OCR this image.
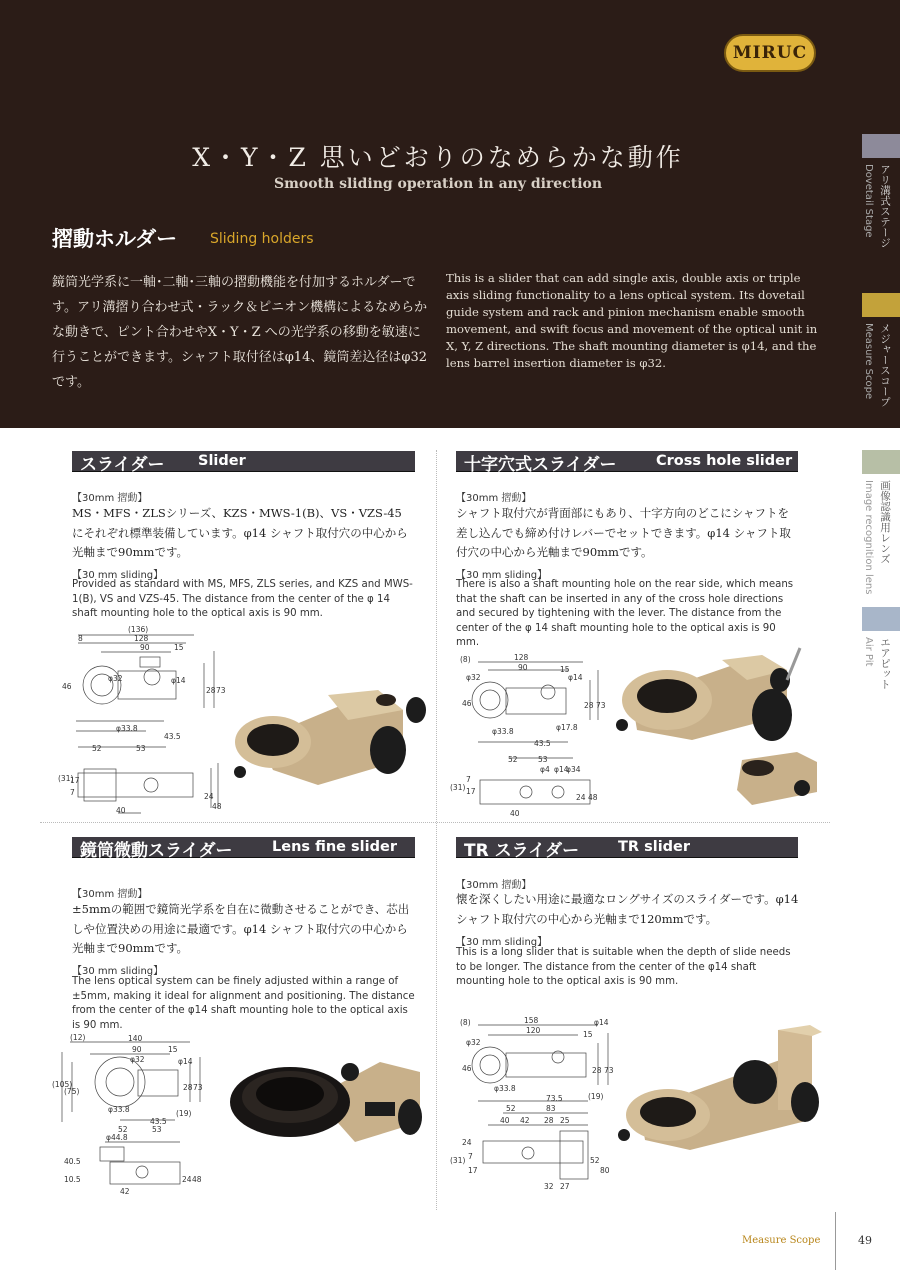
MIRUC
X・Y・Z 思いどおりのなめらかな動作
Smooth sliding operation in any direction
摺動ホルダー Sliding holders
鏡筒光学系に一軸･二軸･三軸の摺動機能を付加するホルダーです。アリ溝摺り合わせ式・ラック＆ピニオン機構によるなめらかな動きで、ピント合わせやX・Y・Z への光学系の移動を敏速に行うことができます。シャフト取付径はφ14、鏡筒差込径はφ32です。
This is a slider that can add single axis, double axis or triple axis sliding functionality to a lens optical system. Its dovetail guide system and rack and pinion mechanism enable smooth movement, and swift focus and movement of the optical unit in X, Y, Z directions. The shaft mounting diameter is φ14, and the lens barrel insertion diameter is φ32.
アリ溝式ステージ
Dovetail Stage
メジャースコープ
Measure Scope
画像認識用レンズ
Image recognition lens
エアピット
Air Pit
スライダー Slider
【30mm 摺動】
MS・MFS・ZLSシリーズ、KZS・MWS-1(B)、VS・VZS-45 にそれぞれ標準装備しています。φ14 シャフト取付穴の中心から光軸まで90mmです。
【30 mm sliding】
Provided as standard with MS, MFS, ZLS series, and KZS and MWS-1(B), VS and VZS-45. The distance from the center of the φ 14 shaft mounting hole to the optical axis is 90 mm.
(136)
128
90	15
8
46
φ32	φ14
28 73
φ33.8
43.5
52	53
(31)
7
17
40
24
48
十字穴式スライダー	Cross hole slider
【30mm 摺動】
シャフト取付穴が背面部にもあり、十字方向のどこにシャフトを差し込んでも締め付けレバーでセットできます。φ14 シャフト取付穴の中心から光軸まで90mmです。
【30 mm sliding】
There is also a shaft mounting hole on the rear side, which means that the shaft can be inserted in any of the cross hole directions and secured by tightening with the lever. The distance from the center of the φ 14 shaft mounting hole to the optical axis is 90 mm.
(8)	128
90	15
φ32	φ14
46	28 73
φ33.8	φ17.8
43.5
52	53
φ4 φ14
φ34
(31)
7
17
40
24 48
鏡筒微動スライダー	Lens fine slider
【30mm 摺動】
±5mmの範囲で鏡筒光学系を自在に微動させることができ、芯出しや位置決めの用途に最適です。φ14 シャフト取付穴の中心から光軸まで90mmです。
【30 mm sliding】
The lens optical system can be finely adjusted within a range of ±5mm, making it ideal for alignment and positioning. The distance from the center of the φ14 shaft mounting hole to the optical axis is 90 mm.
(12)	140
90	15
φ32	φ14
(105)
(75)	28 73
φ33.8	(19)
43.5
52	53
φ44.8
40.5
10.5
42
24 48
TR スライダー	TR slider
【30mm 摺動】
懐を深くしたい用途に最適なロングサイズのスライダーです。φ14 シャフト取付穴の中心から光軸まで120mmです。
【30 mm sliding】
This is a long slider that is suitable when the depth of slide needs to be longer. The distance from the center of the φ14 shaft mounting hole to the optical axis is 90 mm.
(8)	158
120	15
φ14
φ32
46	28 73
φ33.8
73.5	(19)
52	83
40 42 28 25
(31)
24
7
17
52
80
32 27
Measure Scope	49
